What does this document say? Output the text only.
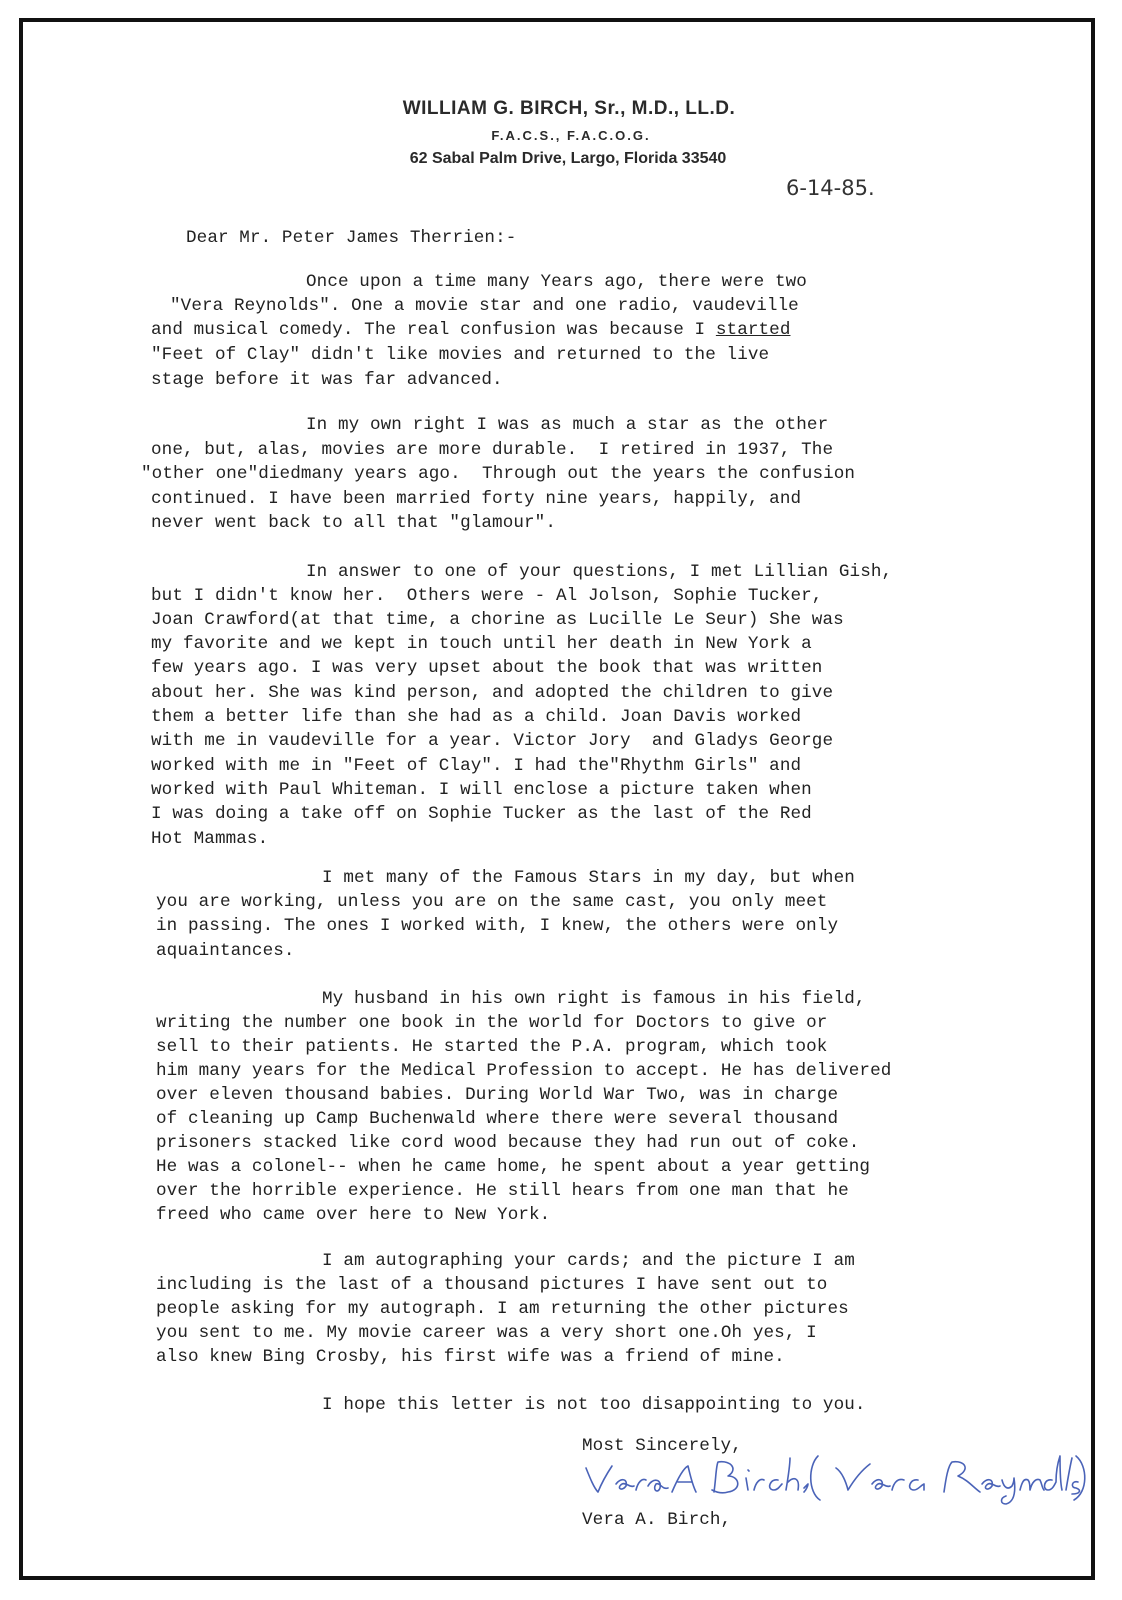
WILLIAM G. BIRCH, Sr., M.D., LL.D.
F.A.C.S., F.A.C.O.G.
62 Sabal Palm Drive, Largo, Florida 33540
6-14-85.
Dear Mr. Peter James Therrien:-
Once upon a time many Years ago, there were two
"Vera Reynolds". One a movie star and one radio, vaudeville
and musical comedy. The real confusion was because I started
"Feet of Clay" didn't like movies and returned to the live
stage before it was far advanced.
In my own right I was as much a star as the other
one, but, alas, movies are more durable.  I retired in 1937, The
"other one"diedmany years ago.  Through out the years the confusion
continued. I have been married forty nine years, happily, and
never went back to all that "glamour".
In answer to one of your questions, I met Lillian Gish,
but I didn't know her.  Others were - Al Jolson, Sophie Tucker,
Joan Crawford(at that time, a chorine as Lucille Le Seur) She was
my favorite and we kept in touch until her death in New York a
few years ago. I was very upset about the book that was written
about her. She was kind person, and adopted the children to give
them a better life than she had as a child. Joan Davis worked
with me in vaudeville for a year. Victor Jory  and Gladys George
worked with me in "Feet of Clay". I had the"Rhythm Girls" and
worked with Paul Whiteman. I will enclose a picture taken when
I was doing a take off on Sophie Tucker as the last of the Red
Hot Mammas.
I met many of the Famous Stars in my day, but when
you are working, unless you are on the same cast, you only meet
in passing. The ones I worked with, I knew, the others were only
aquaintances.
My husband in his own right is famous in his field,
writing the number one book in the world for Doctors to give or
sell to their patients. He started the P.A. program, which took
him many years for the Medical Profession to accept. He has delivered
over eleven thousand babies. During World War Two, was in charge
of cleaning up Camp Buchenwald where there were several thousand
prisoners stacked like cord wood because they had run out of coke.
He was a colonel-- when he came home, he spent about a year getting
over the horrible experience. He still hears from one man that he
freed who came over here to New York.
I am autographing your cards; and the picture I am
including is the last of a thousand pictures I have sent out to
people asking for my autograph. I am returning the other pictures
you sent to me. My movie career was a very short one.Oh yes, I
also knew Bing Crosby, his first wife was a friend of mine.
I hope this letter is not too disappointing to you.
Most Sincerely,
Vera A. Birch,
